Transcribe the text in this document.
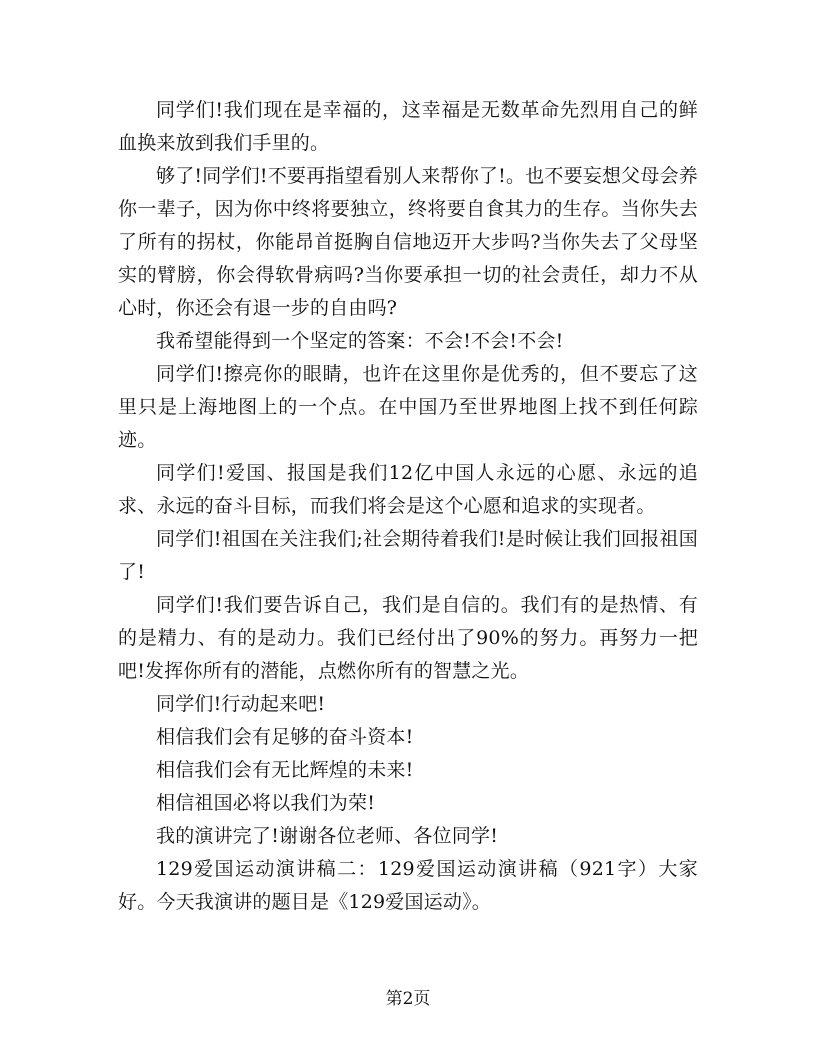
同学们!我们现在是幸福的，这幸福是无数革命先烈用自己的鲜血换来放到我们手里的。

够了!同学们!不要再指望看别人来帮你了!。也不要妄想父母会养你一辈子，因为你中终将要独立，终将要自食其力的生存。当你失去了所有的拐杖，你能昂首挺胸自信地迈开大步吗?当你失去了父母坚实的臂膀，你会得软骨病吗?当你要承担一切的社会责任，却力不从心时，你还会有退一步的自由吗?

我希望能得到一个坚定的答案：不会!不会!不会!

同学们!擦亮你的眼睛，也许在这里你是优秀的，但不要忘了这里只是上海地图上的一个点。在中国乃至世界地图上找不到任何踪迹。

同学们!爱国、报国是我们12亿中国人永远的心愿、永远的追求、永远的奋斗目标，而我们将会是这个心愿和追求的实现者。

同学们!祖国在关注我们;社会期待着我们!是时候让我们回报祖国了!

同学们!我们要告诉自己，我们是自信的。我们有的是热情、有的是精力、有的是动力。我们已经付出了90%的努力。再努力一把吧!发挥你所有的潜能，点燃你所有的智慧之光。

同学们!行动起来吧!

相信我们会有足够的奋斗资本!

相信我们会有无比辉煌的未来!

相信祖国必将以我们为荣!

我的演讲完了!谢谢各位老师、各位同学!

129爱国运动演讲稿二：129爱国运动演讲稿（921字）大家好。今天我演讲的题目是《129爱国运动》。

第2页
